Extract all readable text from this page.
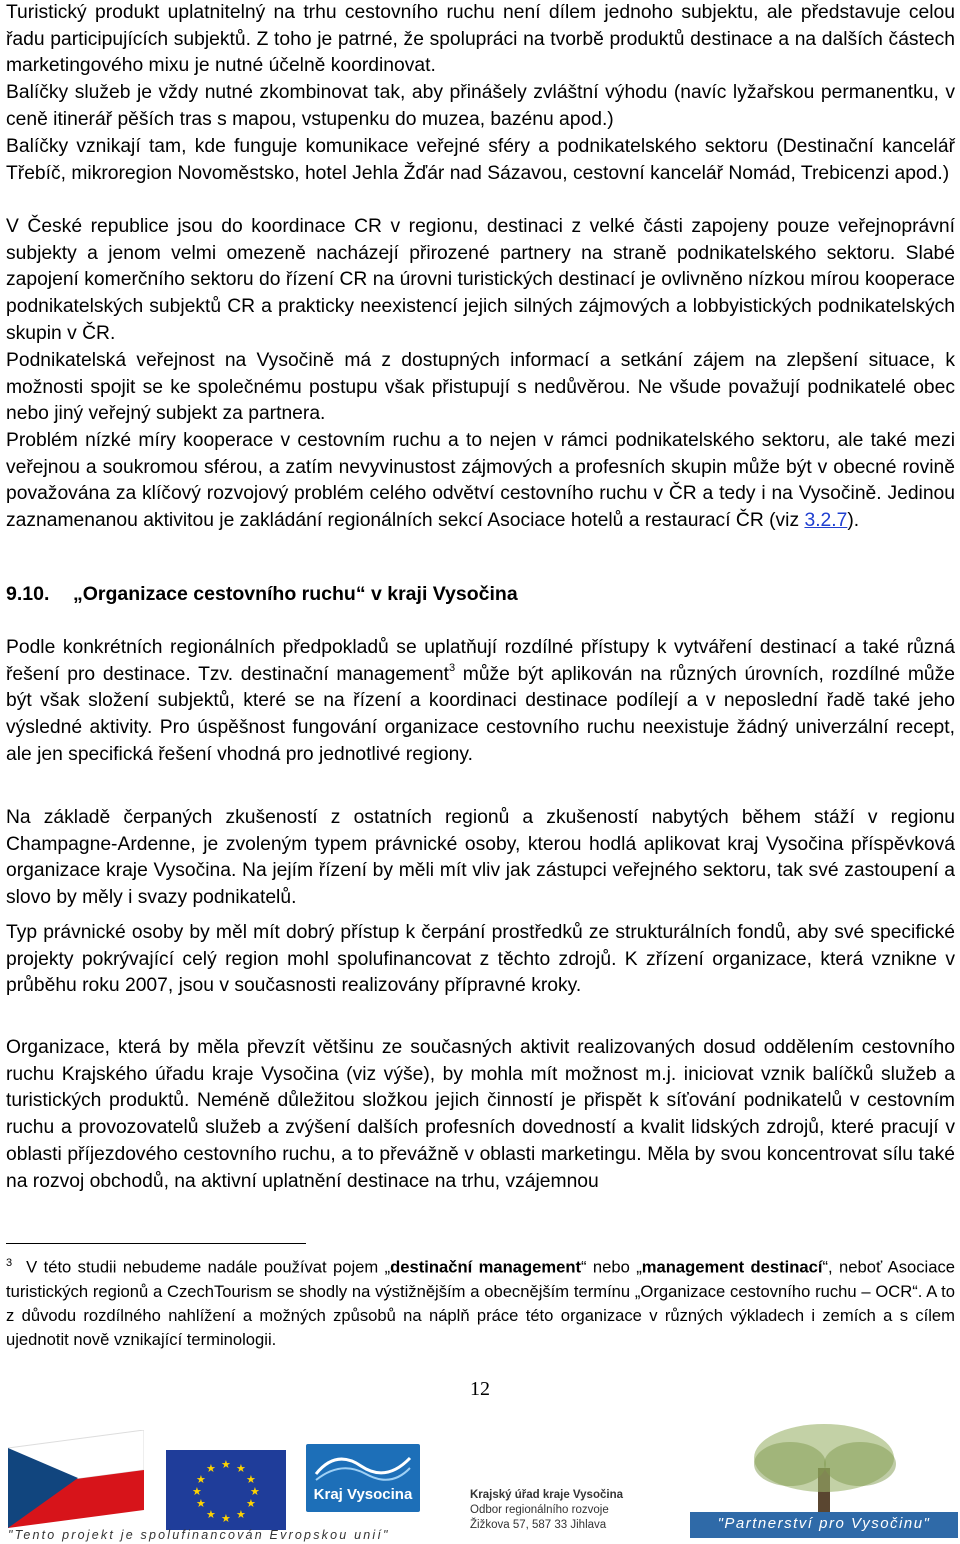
Turistický produkt uplatnitelný na trhu cestovního ruchu není dílem jednoho subjektu, ale představuje celou řadu participujících subjektů. Z toho je patrné, že spolupráci na tvorbě produktů destinace a na dalších částech marketingového mixu je nutné účelně koordinovat.

Balíčky služeb je vždy nutné zkombinovat tak, aby přinášely zvláštní výhodu (navíc lyžařskou permanentku, v ceně itinerář pěších tras s mapou, vstupenku do muzea, bazénu apod.)

Balíčky vznikají tam, kde funguje komunikace veřejné sféry a podnikatelského sektoru (Destinační kancelář Třebíč, mikroregion Novoměstsko, hotel Jehla Žďár nad Sázavou, cestovní kancelář Nomád, Trebicenzi apod.)

V České republice jsou do koordinace CR v regionu, destinaci z velké části zapojeny pouze veřejnoprávní subjekty a jenom velmi omezeně nacházejí přirozené partnery na straně podnikatelského sektoru. Slabé zapojení komerčního sektoru do řízení CR na úrovni turistických destinací je ovlivněno nízkou mírou kooperace podnikatelských subjektů CR a prakticky neexistencí jejich silných zájmových a lobbyistických podnikatelských skupin v ČR.

Podnikatelská veřejnost na Vysočině má z dostupných informací a setkání zájem na zlepšení situace, k možnosti spojit se ke společnému postupu však přistupují s nedůvěrou. Ne všude považují podnikatelé obec nebo jiný veřejný subjekt za partnera.

Problém nízké míry kooperace v cestovním ruchu a to nejen v rámci podnikatelského sektoru, ale také mezi veřejnou a soukromou sférou, a zatím nevyvinustost zájmových a profesních skupin může být v obecné rovině považována za klíčový rozvojový problém celého odvětví cestovního ruchu v ČR a tedy i na Vysočině. Jedinou zaznamenanou aktivitou je zakládání regionálních sekcí Asociace hotelů a restaurací ČR (viz 3.2.7).

9.10. „Organizace cestovního ruchu“ v kraji Vysočina

Podle konkrétních regionálních předpokladů se uplatňují rozdílné přístupy k vytváření destinací a také různá řešení pro destinace. Tzv. destinační management$^3$ může být aplikován na různých úrovních, rozdílné může být však složení subjektů, které se na řízení a koordinaci destinace podílejí a v neposlední řadě také jeho výsledné aktivity. Pro úspěšnost fungování organizace cestovního ruchu neexistuje žádný univerzální recept, ale jen specifická řešení vhodná pro jednotlivé regiony.

Na základě čerpaných zkušeností z ostatních regionů a zkušeností nabytých během stáží v regionu Champagne-Ardenne, je zvoleným typem právnické osoby, kterou hodlá aplikovat kraj Vysočina příspěvková organizace kraje Vysočina. Na jejím řízení by měli mít vliv jak zástupci veřejného sektoru, tak své zastoupení a slovo by měly i svazy podnikatelů.

Typ právnické osoby by měl mít dobrý přístup k čerpání prostředků ze strukturálních fondů, aby své specifické projekty pokrývající celý region mohl spolufinancovat z těchto zdrojů. K zřízení organizace, která vznikne v průběhu roku 2007, jsou v současnosti realizovány přípravné kroky.

Organizace, která by měla převzít většinu ze současných aktivit realizovaných dosud oddělením cestovního ruchu Krajského úřadu kraje Vysočina (viz výše), by mohla mít možnost m.j. iniciovat vznik balíčků služeb a turistických produktů. Neméně důležitou složkou jejich činností je přispět k síťování podnikatelů v cestovním ruchu a provozovatelů služeb a zvýšení dalších profesních dovedností a kvalit lidských zdrojů, které pracují v oblasti příjezdového cestovního ruchu, a to převážně v oblasti marketingu. Měla by svou koncentrovat sílu také na rozvoj obchodů, na aktivní uplatnění destinace na trhu, vzájemnou

$^3$ V této studii nebudeme nadále používat pojem „destinační management“ nebo „management destinací“, neboť Asociace turistických regionů a CzechTourism se shodly na výstižnějším a obecnějším termínu „Organizace cestovního ruchu – OCR“. A to z důvodu rozdílného nahlížení a možných způsobů na náplň práce této organizace v různých výkladech i zemích a s cílem ujednotit nově vznikající terminologii.
12
★ ★
★
★
★
★
★
★
★
★
★
★
Kraj Vysocina	Krajský úřad kraje Vysočina
Odbor regionálního rozvoje
Žižkova 57, 587 33 Jihlava	"Partnerství pro Vysočinu"
"Tento projekt je spolufinancován Evropskou unií"
